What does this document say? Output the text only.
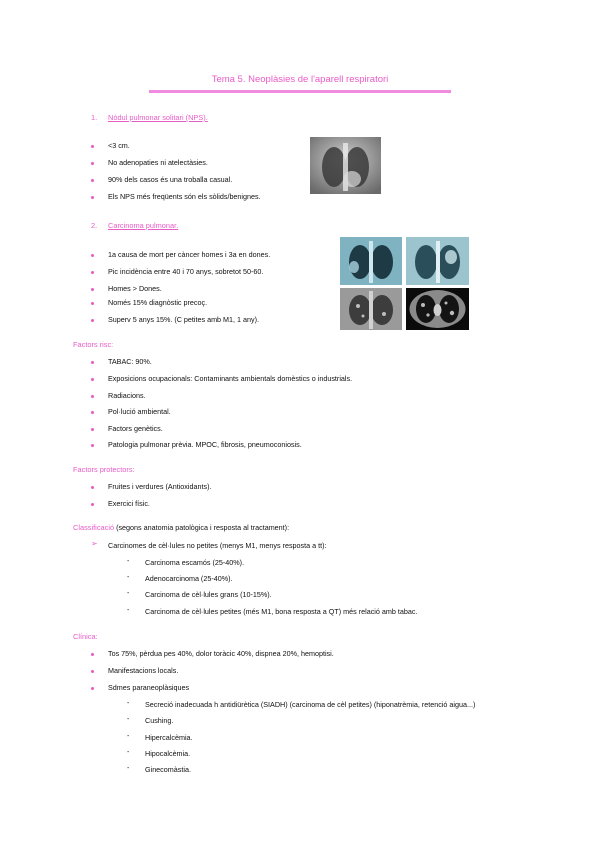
Tema 5. Neoplàsies de l'aparell respiratori
1. Nòdul pulmonar solitari (NPS).
<3 cm.
No adenopaties ni atelectàsies.
90% dels casos és una troballa casual.
Els NPS més freqüents són els sòlids/benignes.
2. Carcinoma pulmonar.
1a causa de mort per càncer homes i 3a en dones.
Pic incidència entre 40 i 70 anys, sobretot 50-60.
Homes > Dones.
Només 15% diagnòstic precoç.
Superv 5 anys 15%. (C petites amb M1, 1 any).
Factors risc:
TABAC: 90%.
Exposicions ocupacionals: Contaminants ambientals domèstics o industrials.
Radiacions.
Pol·lució ambiental.
Factors genètics.
Patologia pulmonar prèvia. MPOC, fibrosis, pneumoconiosis.
Factors protectors:
Fruites i verdures (Antioxidants).
Exercici físic.
Classificació (segons anatomia patològica i resposta al tractament):
➢ Carcinomes de cèl·lules no petites (menys M1, menys resposta a tt):
- Carcinoma escamós (25-40%).
- Adenocarcinoma (25-40%).
- Carcinoma de cèl·lules grans (10-15%).
- Carcinoma de cèl·lules petites (més M1, bona resposta a QT) més relació amb tabac.
Clínica:
Tos 75%, pèrdua pes 40%, dolor toràcic 40%, dispnea 20%, hemoptisi.
Manifestacions locals.
Sdmes paraneoplàsiques
- Secreció inadecuada h antidiürètica (SIADH) (carcinoma de cèl petites) (hiponatrèmia, retenció aigua...)
- Cushing.
- Hipercalcèmia.
- Hipocalcèmia.
- Ginecomàstia.
